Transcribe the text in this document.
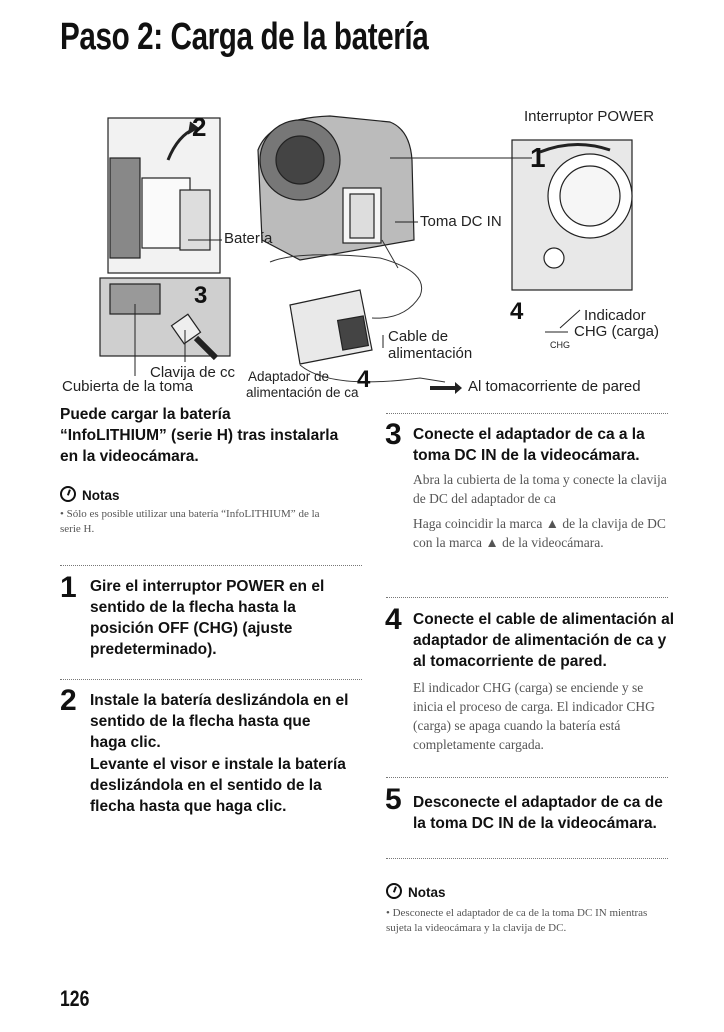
Paso 2: Carga de la batería
Interruptor POWER
Batería
Toma DC IN
Clavija de cc
Cubierta de la toma
Adaptador de
alimentación de ca
Cable de
alimentación
Indicador
CHG (carga)
CHG
Al tomacorriente de pared
2
3
4
4
1
Puede cargar la batería “InfoLITHIUM” (serie H) tras instalarla en la videocámara.
Notas
• Sólo es posible utilizar una batería “InfoLITHIUM” de la serie H.
1 Gire el interruptor POWER en el sentido de la flecha hasta la posición OFF (CHG) (ajuste predeterminado).
2 Instale la batería deslizándola en el sentido de la flecha hasta que haga clic.
Levante el visor e instale la batería deslizándola en el sentido de la flecha hasta que haga clic.
3 Conecte el adaptador de ca a la toma DC IN de la videocámara.
Abra la cubierta de la toma y conecte la clavija de DC del adaptador de ca
Haga coincidir la marca ▲ de la clavija de DC con la marca ▲ de la videocámara.
4 Conecte el cable de alimentación al adaptador de alimentación de ca y al tomacorriente de pared.
El indicador CHG (carga) se enciende y se inicia el proceso de carga. El indicador CHG (carga) se apaga cuando la batería está completamente cargada.
5 Desconecte el adaptador de ca de la toma DC IN de la videocámara.
Notas
• Desconecte el adaptador de ca de la toma DC IN mientras sujeta la videocámara y la clavija de DC.
126
